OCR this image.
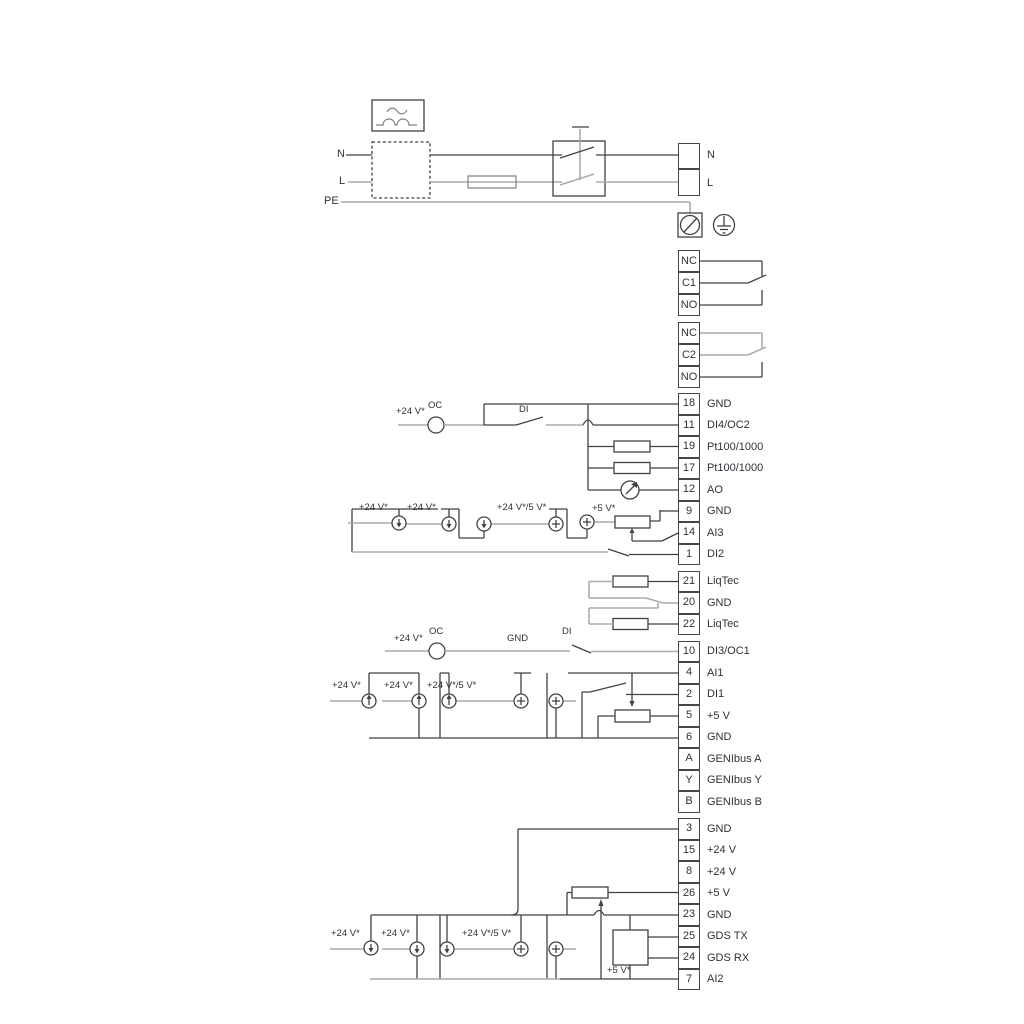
N
L
PE
N
L
NC
C1
NO
NC
C2
NO
18	GND
11	DI4/OC2
19	Pt100/1000
17	Pt100/1000
12	AO
9	GND
14	AI3
1	DI2
21	LiqTec
20	GND
22	LiqTec
10	DI3/OC1
4	AI1
2	DI1
5	+5 V
6	GND
A	GENIbus A
Y	GENIbus Y
B	GENIbus B
3	GND
15	+24 V
8	+24 V
26	+5 V
23	GND
25	GDS TX
24	GDS RX
7	AI2
+24 V*
OC	DI
+24 V* +24 V*	+24 V*/5 V*	+5 V*
+24 V*
OC
GND
DI
+24 V* +24 V* +24 V*/5 V*
+24 V* +24 V*	+24 V*/5 V*
+5 V*
